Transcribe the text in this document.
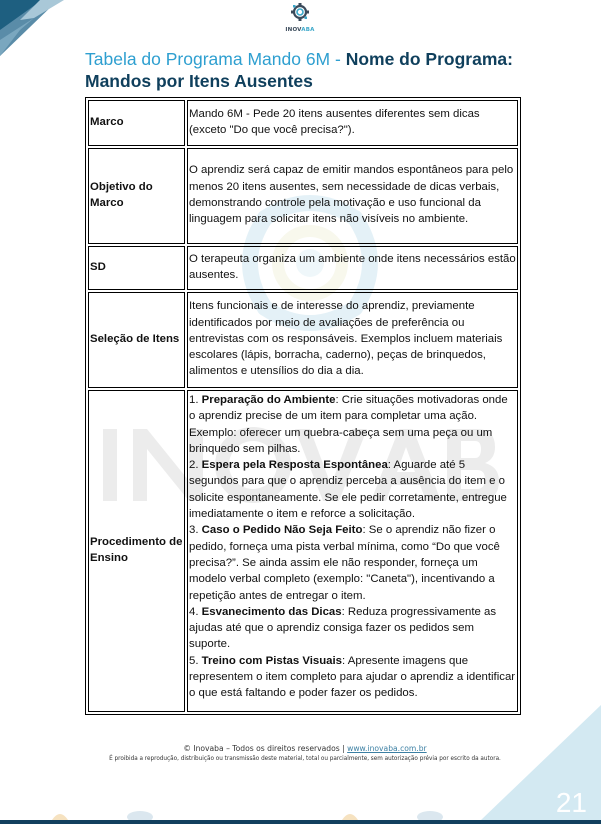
INOVABA
Tabela do Programa Mando 6M - Nome do Programa: Mandos por Itens Ausentes
Marco	Mando 6M - Pede 20 itens ausentes diferentes sem dicas (exceto "Do que você precisa?").
Objetivo do Marco	O aprendiz será capaz de emitir mandos espontâneos para pelo menos 20 itens ausentes, sem necessidade de dicas verbais, demonstrando controle pela motivação e uso funcional da linguagem para solicitar itens não visíveis no ambiente.
SD	O terapeuta organiza um ambiente onde itens necessários estão ausentes.
Seleção de Itens	Itens funcionais e de interesse do aprendiz, previamente identificados por meio de avaliações de preferência ou entrevistas com os responsáveis. Exemplos incluem materiais escolares (lápis, borracha, caderno), peças de brinquedos, alimentos e utensílios do dia a dia.
Procedimento de Ensino	1. Preparação do Ambiente: Crie situações motivadoras onde o aprendiz precise de um item para completar uma ação. Exemplo: oferecer um quebra-cabeça sem uma peça ou um brinquedo sem pilhas.
2. Espera pela Resposta Espontânea: Aguarde até 5 segundos para que o aprendiz perceba a ausência do item e o solicite espontaneamente. Se ele pedir corretamente, entregue imediatamente o item e reforce a solicitação.
3. Caso o Pedido Não Seja Feito: Se o aprendiz não fizer o pedido, forneça uma pista verbal mínima, como “Do que você precisa?”. Se ainda assim ele não responder, forneça um modelo verbal completo (exemplo: "Caneta"), incentivando a repetição antes de entregar o item.
4. Esvanecimento das Dicas: Reduza progressivamente as ajudas até que o aprendiz consiga fazer os pedidos sem suporte.
5. Treino com Pistas Visuais: Apresente imagens que representem o item completo para ajudar o aprendiz a identificar o que está faltando e poder fazer os pedidos.
© Inovaba – Todos os direitos reservados | www.inovaba.com.br
É proibida a reprodução, distribuição ou transmissão deste material, total ou parcialmente, sem autorização prévia por escrito da autora.
21
